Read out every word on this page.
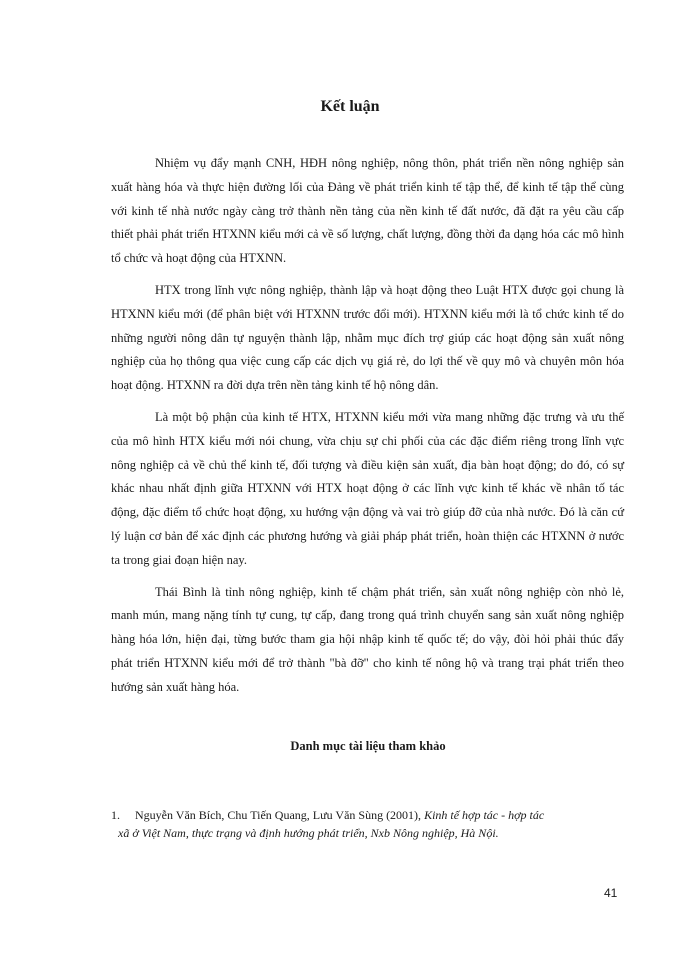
Kết luận

Nhiệm vụ đẩy mạnh CNH, HĐH nông nghiệp, nông thôn, phát triển nền nông nghiệp sản xuất hàng hóa và thực hiện đường lối của Đảng về phát triển kinh tế tập thể, để kinh tế tập thể cùng với kinh tế nhà nước ngày càng trở thành nền tảng của nền kinh tế đất nước, đã đặt ra yêu cầu cấp thiết phải phát triển HTXNN kiểu mới cả về số lượng, chất lượng, đồng thời đa dạng hóa các mô hình tổ chức và hoạt động của HTXNN.

HTX trong lĩnh vực nông nghiệp, thành lập và hoạt động theo Luật HTX được gọi chung là HTXNN kiểu mới (để phân biệt với HTXNN trước đổi mới). HTXNN kiểu mới là tổ chức kinh tế do những người nông dân tự nguyện thành lập, nhằm mục đích trợ giúp các hoạt động sản xuất nông nghiệp của họ thông qua việc cung cấp các dịch vụ giá rẻ, do lợi thế về quy mô và chuyên môn hóa hoạt động. HTXNN ra đời dựa trên nền tảng kinh tế hộ nông dân.

Là một bộ phận của kinh tế HTX, HTXNN kiểu mới vừa mang những đặc trưng và ưu thế của mô hình HTX kiểu mới nói chung, vừa chịu sự chi phối của các đặc điểm riêng trong lĩnh vực nông nghiệp cả về chủ thể kinh tế, đối tượng và điều kiện sản xuất, địa bàn hoạt động; do đó, có sự khác nhau nhất định giữa HTXNN với HTX hoạt động ở các lĩnh vực kinh tế khác về nhân tố tác động, đặc điểm tổ chức hoạt động, xu hướng vận động và vai trò giúp đỡ của nhà nước. Đó là căn cứ lý luận cơ bản để xác định các phương hướng và giải pháp phát triển, hoàn thiện các HTXNN ở nước ta trong giai đoạn hiện nay.

Thái Bình là tỉnh nông nghiệp, kinh tế chậm phát triển, sản xuất nông nghiệp còn nhỏ lẻ, manh mún, mang nặng tính tự cung, tự cấp, đang trong quá trình chuyển sang sản xuất nông nghiệp hàng hóa lớn, hiện đại, từng bước tham gia hội nhập kinh tế quốc tế; do vậy, đòi hỏi phải thúc đẩy phát triển HTXNN kiểu mới để trở thành "bà đỡ" cho kinh tế nông hộ và trang trại phát triển theo hướng sản xuất hàng hóa.

Danh mục tài liệu tham khảo
1. Nguyễn Văn Bích, Chu Tiến Quang, Lưu Văn Sùng (2001), Kinh tế hợp tác - hợp tác
xã ở Việt Nam, thực trạng và định hướng phát triển, Nxb Nông nghiệp, Hà Nội.
41
